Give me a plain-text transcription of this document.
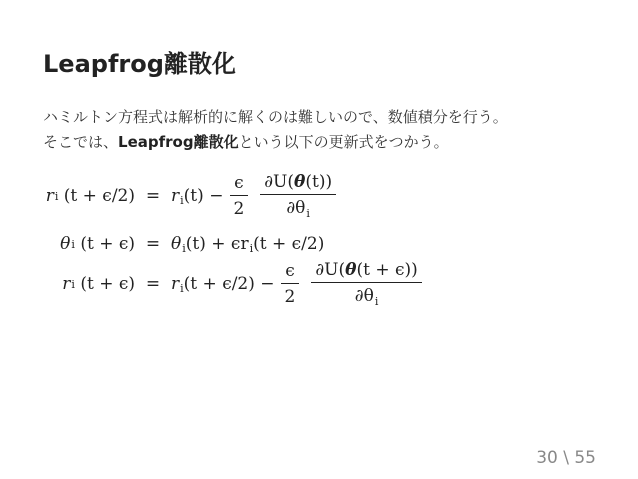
Leapfrog離散化
ハミルトン方程式は解析的に解くのは難しいので、数値積分を行う。
そこでは、Leapfrog離散化という以下の更新式をつかう。
r i
(t + ϵ/2) = r i (t)
− $\frac{\epsilon}{2} \frac{\partial U(\theta(t))}{\partial\theta_i}$
θ i
(t + ϵ) = θ i (t) + ϵr i (t + ϵ/2)
r i
(t + ϵ) = r i (t + ϵ/2)
− $\frac{\epsilon}{2} \frac{\partial U(\theta(t + \epsilon))}{\partial\theta_i}$
30 \ 55
